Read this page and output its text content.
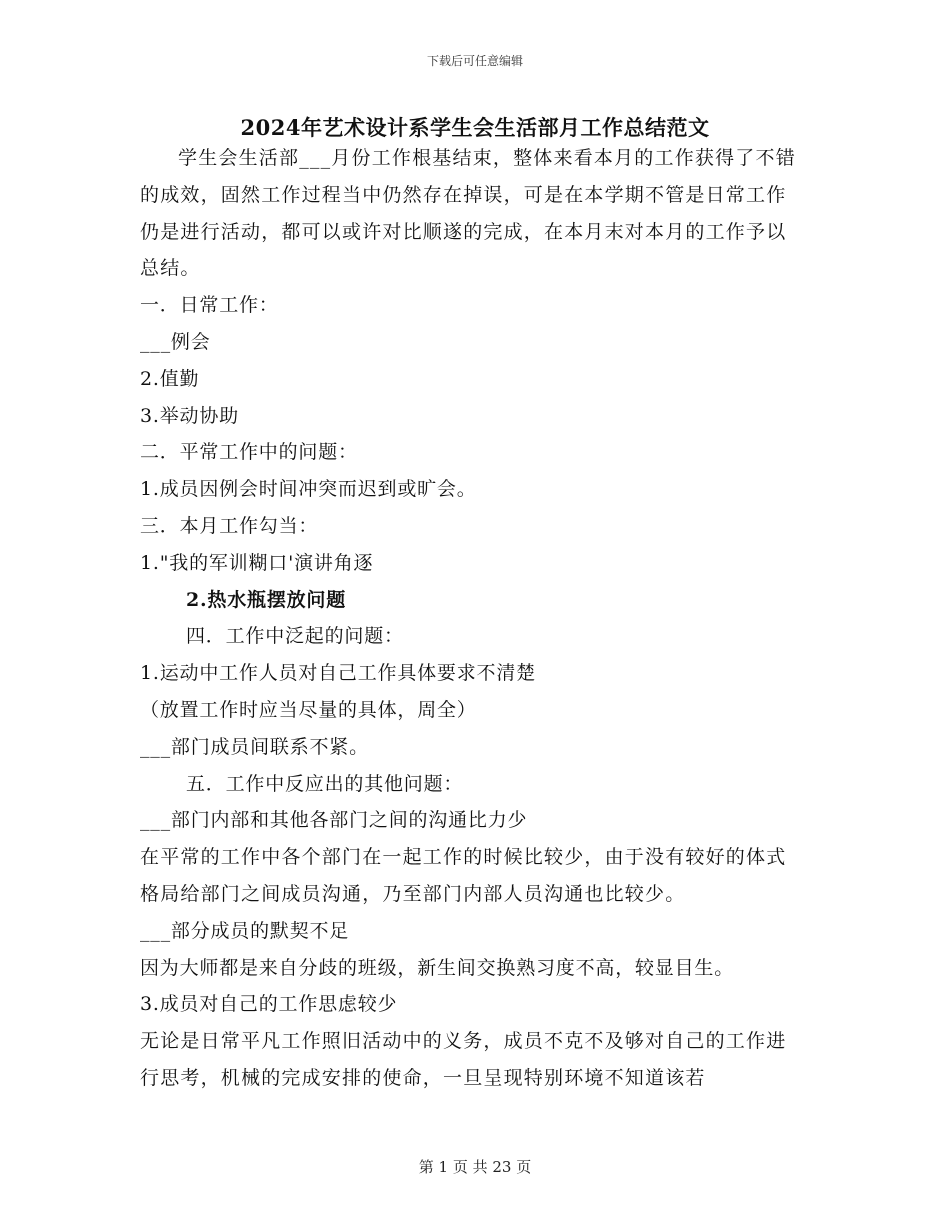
下载后可任意编辑
2024年艺术设计系学生会生活部月工作总结范文

学生会生活部___月份工作根基结束，整体来看本月的工作获得了不错的成效，固然工作过程当中仍然存在掉误，可是在本学期不管是日常工作仍是进行活动，都可以或许对比顺遂的完成，在本月末对本月的工作予以总结。

一．日常工作：

___例会

2.值勤

3.举动协助

二．平常工作中的问题：

1.成员因例会时间冲突而迟到或旷会。

三．本月工作勾当：

1."我的军训糊口'演讲角逐

2.热水瓶摆放问题

四．工作中泛起的问题：

1.运动中工作人员对自己工作具体要求不清楚

（放置工作时应当尽量的具体，周全）

___部门成员间联系不紧。

五．工作中反应出的其他问题：

___部门内部和其他各部门之间的沟通比力少

在平常的工作中各个部门在一起工作的时候比较少，由于没有较好的体式格局给部门之间成员沟通，乃至部门内部人员沟通也比较少。

___部分成员的默契不足

因为大师都是来自分歧的班级，新生间交换熟习度不高，较显目生。

3.成员对自己的工作思虑较少

无论是日常平凡工作照旧活动中的义务，成员不克不及够对自己的工作进行思考，机械的完成安排的使命，一旦呈现特别环境不知道该若

第 1 页 共 23 页
